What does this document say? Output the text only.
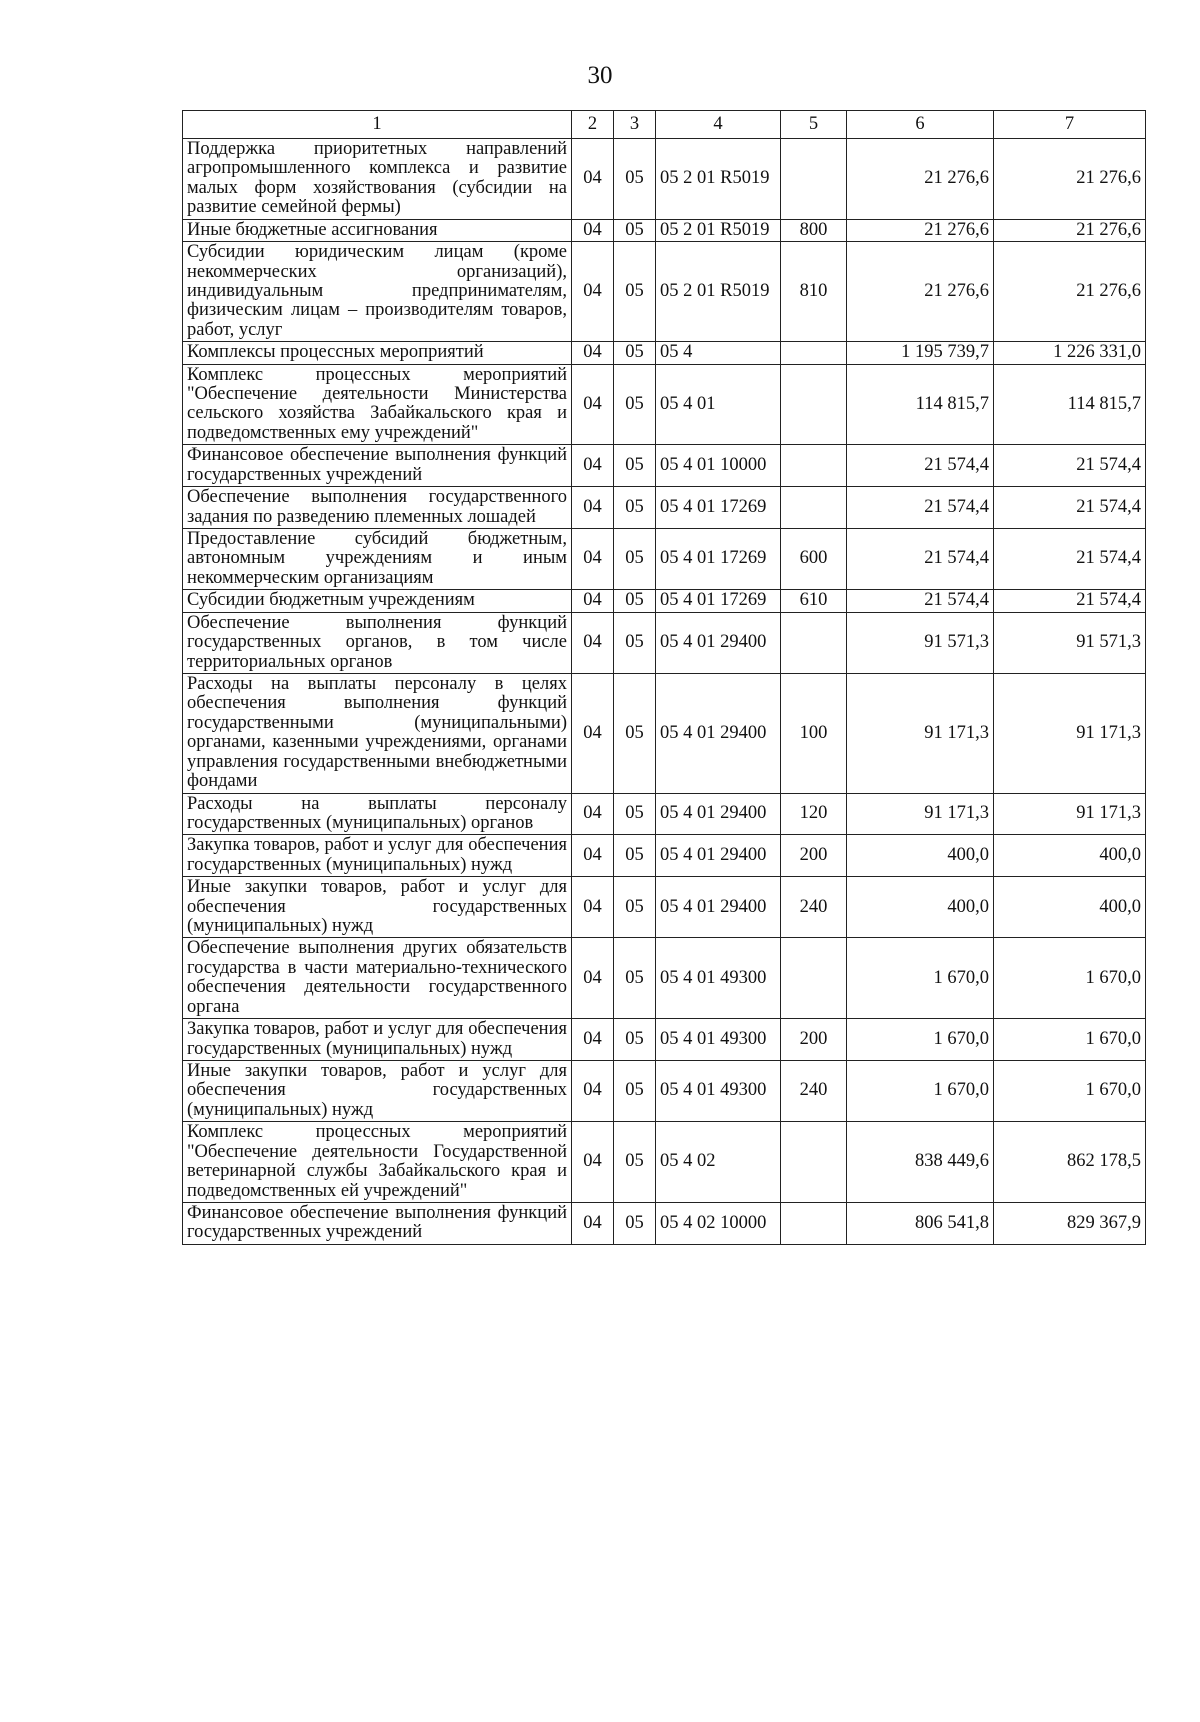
30
1	2	3	4	5	6	7
Поддержка приоритетных направлений агропромышленного комплекса и развитие малых форм хозяйствования (субсидии на развитие семейной фермы)	04	05	05 2 01 R5019		21 276,6	21 276,6
Иные бюджетные ассигнования	04	05	05 2 01 R5019	800	21 276,6	21 276,6
Субсидии юридическим лицам (кроме некоммерческих организаций), индивидуальным предпринимателям, физическим лицам – производителям товаров, работ, услуг	04	05	05 2 01 R5019	810	21 276,6	21 276,6
Комплексы процессных мероприятий	04	05	05 4		1 195 739,7	1 226 331,0
Комплекс процессных мероприятий "Обеспечение деятельности Министерства сельского хозяйства Забайкальского края и подведомственных ему учреждений"	04	05	05 4 01		114 815,7	114 815,7
Финансовое обеспечение выполнения функций государственных учреждений	04	05	05 4 01 10000		21 574,4	21 574,4
Обеспечение выполнения государственного задания по разведению племенных лошадей	04	05	05 4 01 17269		21 574,4	21 574,4
Предоставление субсидий бюджетным, автономным учреждениям и иным некоммерческим организациям	04	05	05 4 01 17269	600	21 574,4	21 574,4
Субсидии бюджетным учреждениям	04	05	05 4 01 17269	610	21 574,4	21 574,4
Обеспечение выполнения функций государственных органов, в том числе территориальных органов	04	05	05 4 01 29400		91 571,3	91 571,3
Расходы на выплаты персоналу в целях обеспечения выполнения функций государственными (муниципальными) органами, казенными учреждениями, органами управления государственными внебюджетными фондами	04	05	05 4 01 29400	100	91 171,3	91 171,3
Расходы на выплаты персоналу государственных (муниципальных) органов	04	05	05 4 01 29400	120	91 171,3	91 171,3
Закупка товаров, работ и услуг для обеспечения государственных (муниципальных) нужд	04	05	05 4 01 29400	200	400,0	400,0
Иные закупки товаров, работ и услуг для обеспечения государственных (муниципальных) нужд	04	05	05 4 01 29400	240	400,0	400,0
Обеспечение выполнения других обязательств государства в части материально-технического обеспечения деятельности государственного органа	04	05	05 4 01 49300		1 670,0	1 670,0
Закупка товаров, работ и услуг для обеспечения государственных (муниципальных) нужд	04	05	05 4 01 49300	200	1 670,0	1 670,0
Иные закупки товаров, работ и услуг для обеспечения государственных (муниципальных) нужд	04	05	05 4 01 49300	240	1 670,0	1 670,0
Комплекс процессных мероприятий "Обеспечение деятельности Государственной ветеринарной службы Забайкальского края и подведомственных ей учреждений"	04	05	05 4 02		838 449,6	862 178,5
Финансовое обеспечение выполнения функций государственных учреждений	04	05	05 4 02 10000		806 541,8	829 367,9
